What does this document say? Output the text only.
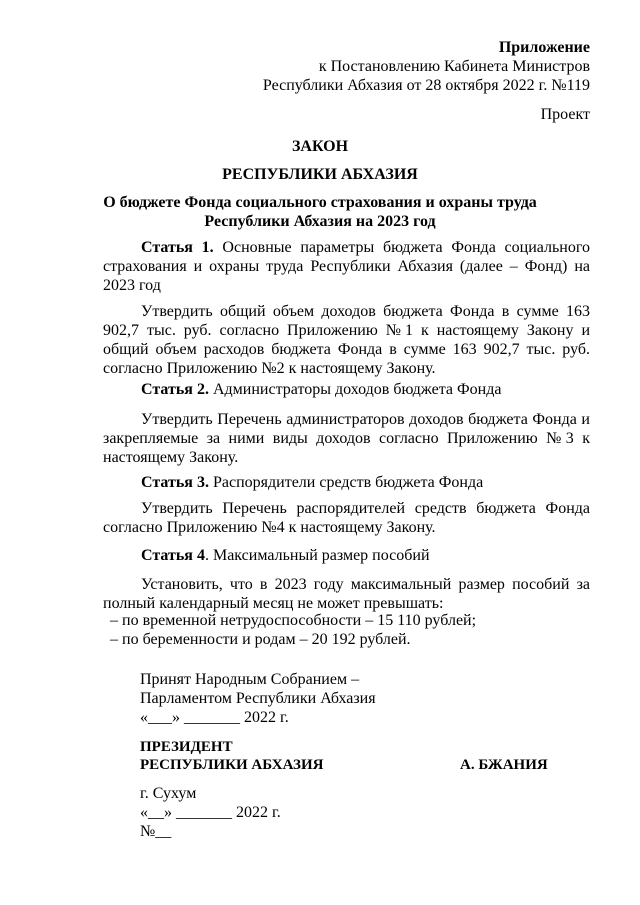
Приложение
к Постановлению Кабинета Министров
Республики Абхазия от 28 октября 2022 г. №119
Проект
ЗАКОН
РЕСПУБЛИКИ АБХАЗИЯ
О бюджете Фонда социального страхования и охраны труда
Республики Абхазия на 2023 год
Статья 1. Основные параметры бюджета Фонда социального страхования и охраны труда Республики Абхазия (далее – Фонд) на 2023 год
Утвердить общий объем доходов бюджета Фонда в сумме 163 902,7 тыс. руб. согласно Приложению №1 к настоящему Закону и общий объем расходов бюджета Фонда в сумме 163 902,7 тыс. руб. согласно Приложению №2 к настоящему Закону.
Статья 2. Администраторы доходов бюджета Фонда
Утвердить Перечень администраторов доходов бюджета Фонда и закрепляемые за ними виды доходов согласно Приложению №3 к настоящему Закону.
Статья 3. Распорядители средств бюджета Фонда
Утвердить Перечень распорядителей средств бюджета Фонда согласно Приложению №4 к настоящему Закону.
Статья 4. Максимальный размер пособий
Установить, что в 2023 году максимальный размер пособий за полный календарный месяц не может превышать:
– по временной нетрудоспособности – 15 110 рублей;
– по беременности и родам – 20 192 рублей.
Принят Народным Собранием –
Парламентом Республики Абхазия
«___» _______ 2022 г.
ПРЕЗИДЕНТ
РЕСПУБЛИКИ АБХАЗИЯ	А. БЖАНИЯ
г. Сухум
«__» _______ 2022 г.
№__
